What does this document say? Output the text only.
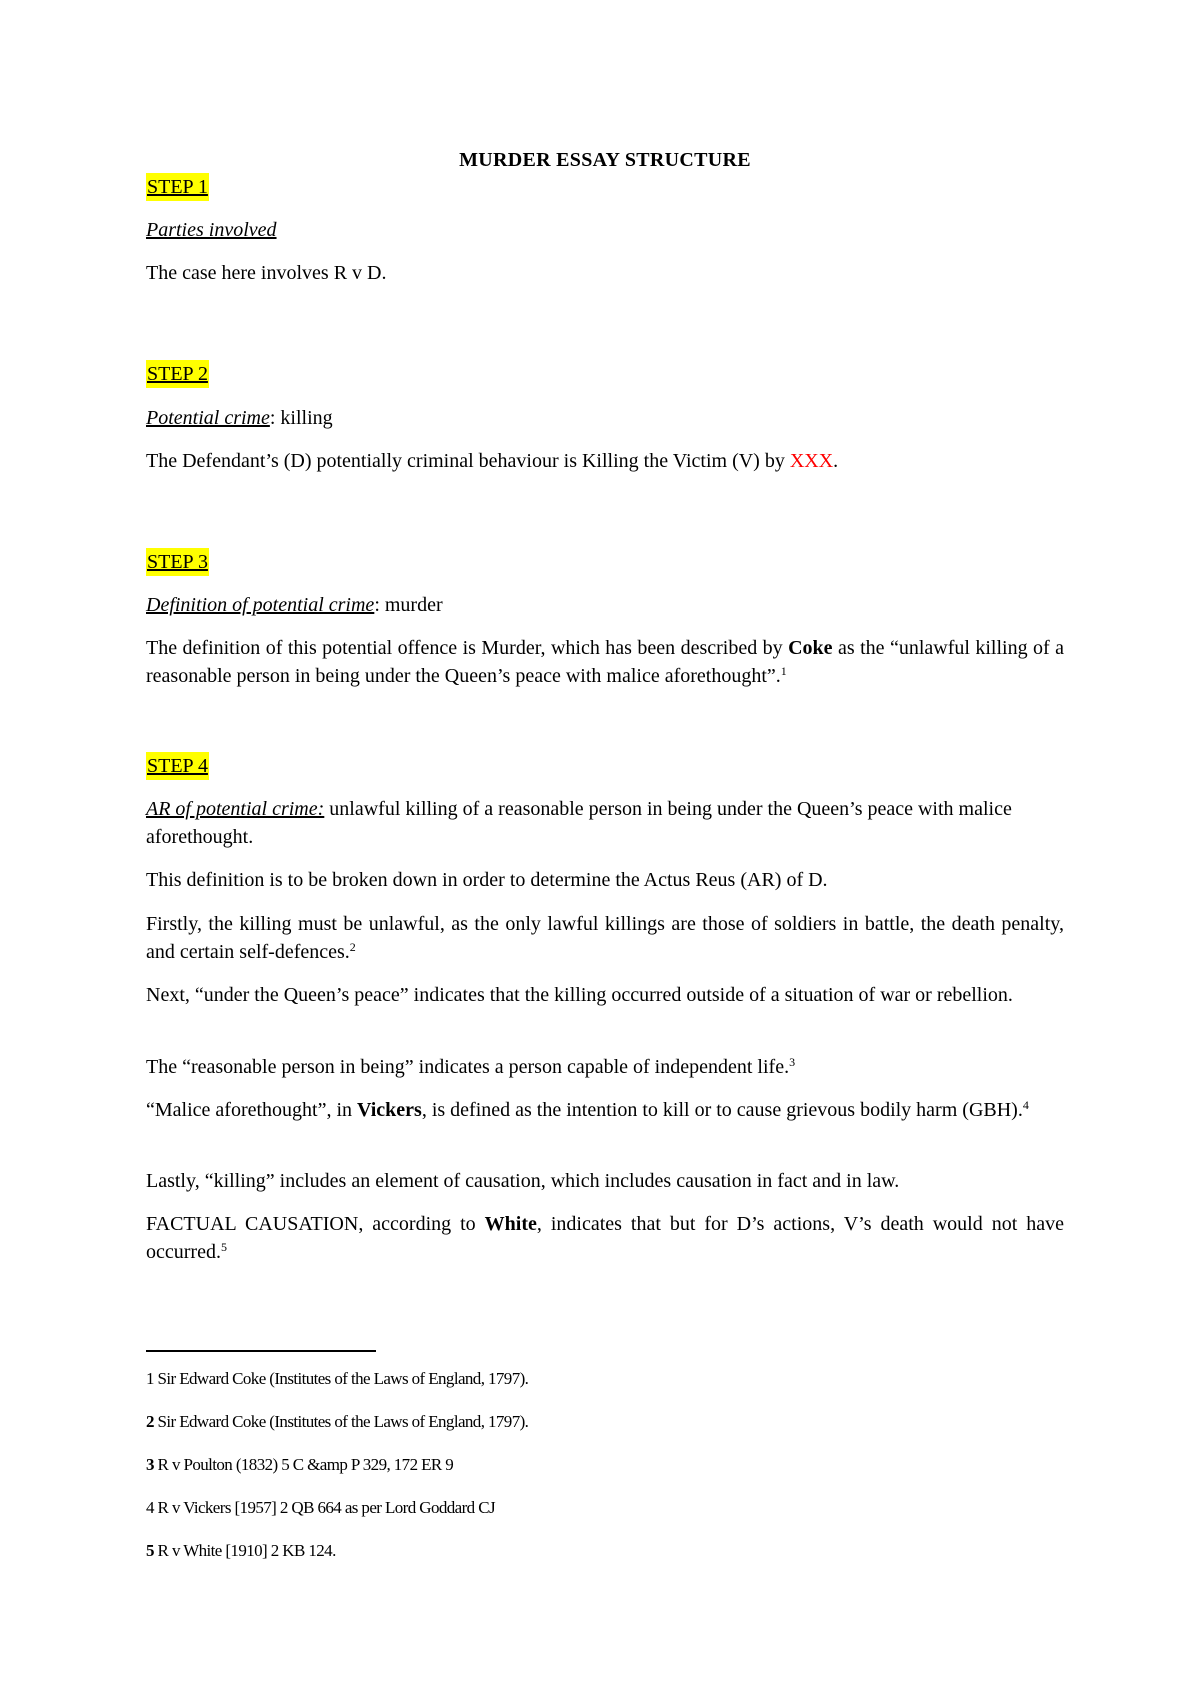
MURDER ESSAY STRUCTURE
STEP 1
Parties involved
The case here involves R v D.
STEP 2
Potential crime: killing
The Defendant’s (D) potentially criminal behaviour is Killing the Victim (V) by XXX.
STEP 3
Definition of potential crime: murder
The definition of this potential offence is Murder, which has been described by Coke as the “unlawful killing of a reasonable person in being under the Queen’s peace with malice aforethought”.$^1$
STEP 4
AR of potential crime: unlawful killing of a reasonable person in being under the Queen’s peace with malice aforethought.
This definition is to be broken down in order to determine the Actus Reus (AR) of D.
Firstly, the killing must be unlawful, as the only lawful killings are those of soldiers in battle, the death penalty, and certain self-defences.$^2$
Next, “under the Queen’s peace” indicates that the killing occurred outside of a situation of war or rebellion.
The “reasonable person in being” indicates a person capable of independent life.$^3$
“Malice aforethought”, in Vickers, is defined as the intention to kill or to cause grievous bodily harm (GBH).$^4$
Lastly, “killing” includes an element of causation, which includes causation in fact and in law.
FACTUAL CAUSATION, according to White, indicates that but for D’s actions, V’s death would not have occurred.$^5$
1 Sir Edward Coke (Institutes of the Laws of England, 1797).
2 Sir Edward Coke (Institutes of the Laws of England, 1797).
3 R v Poulton (1832) 5 C &amp P 329, 172 ER 9
4 R v Vickers [1957] 2 QB 664 as per Lord Goddard CJ
5 R v White [1910] 2 KB 124.
